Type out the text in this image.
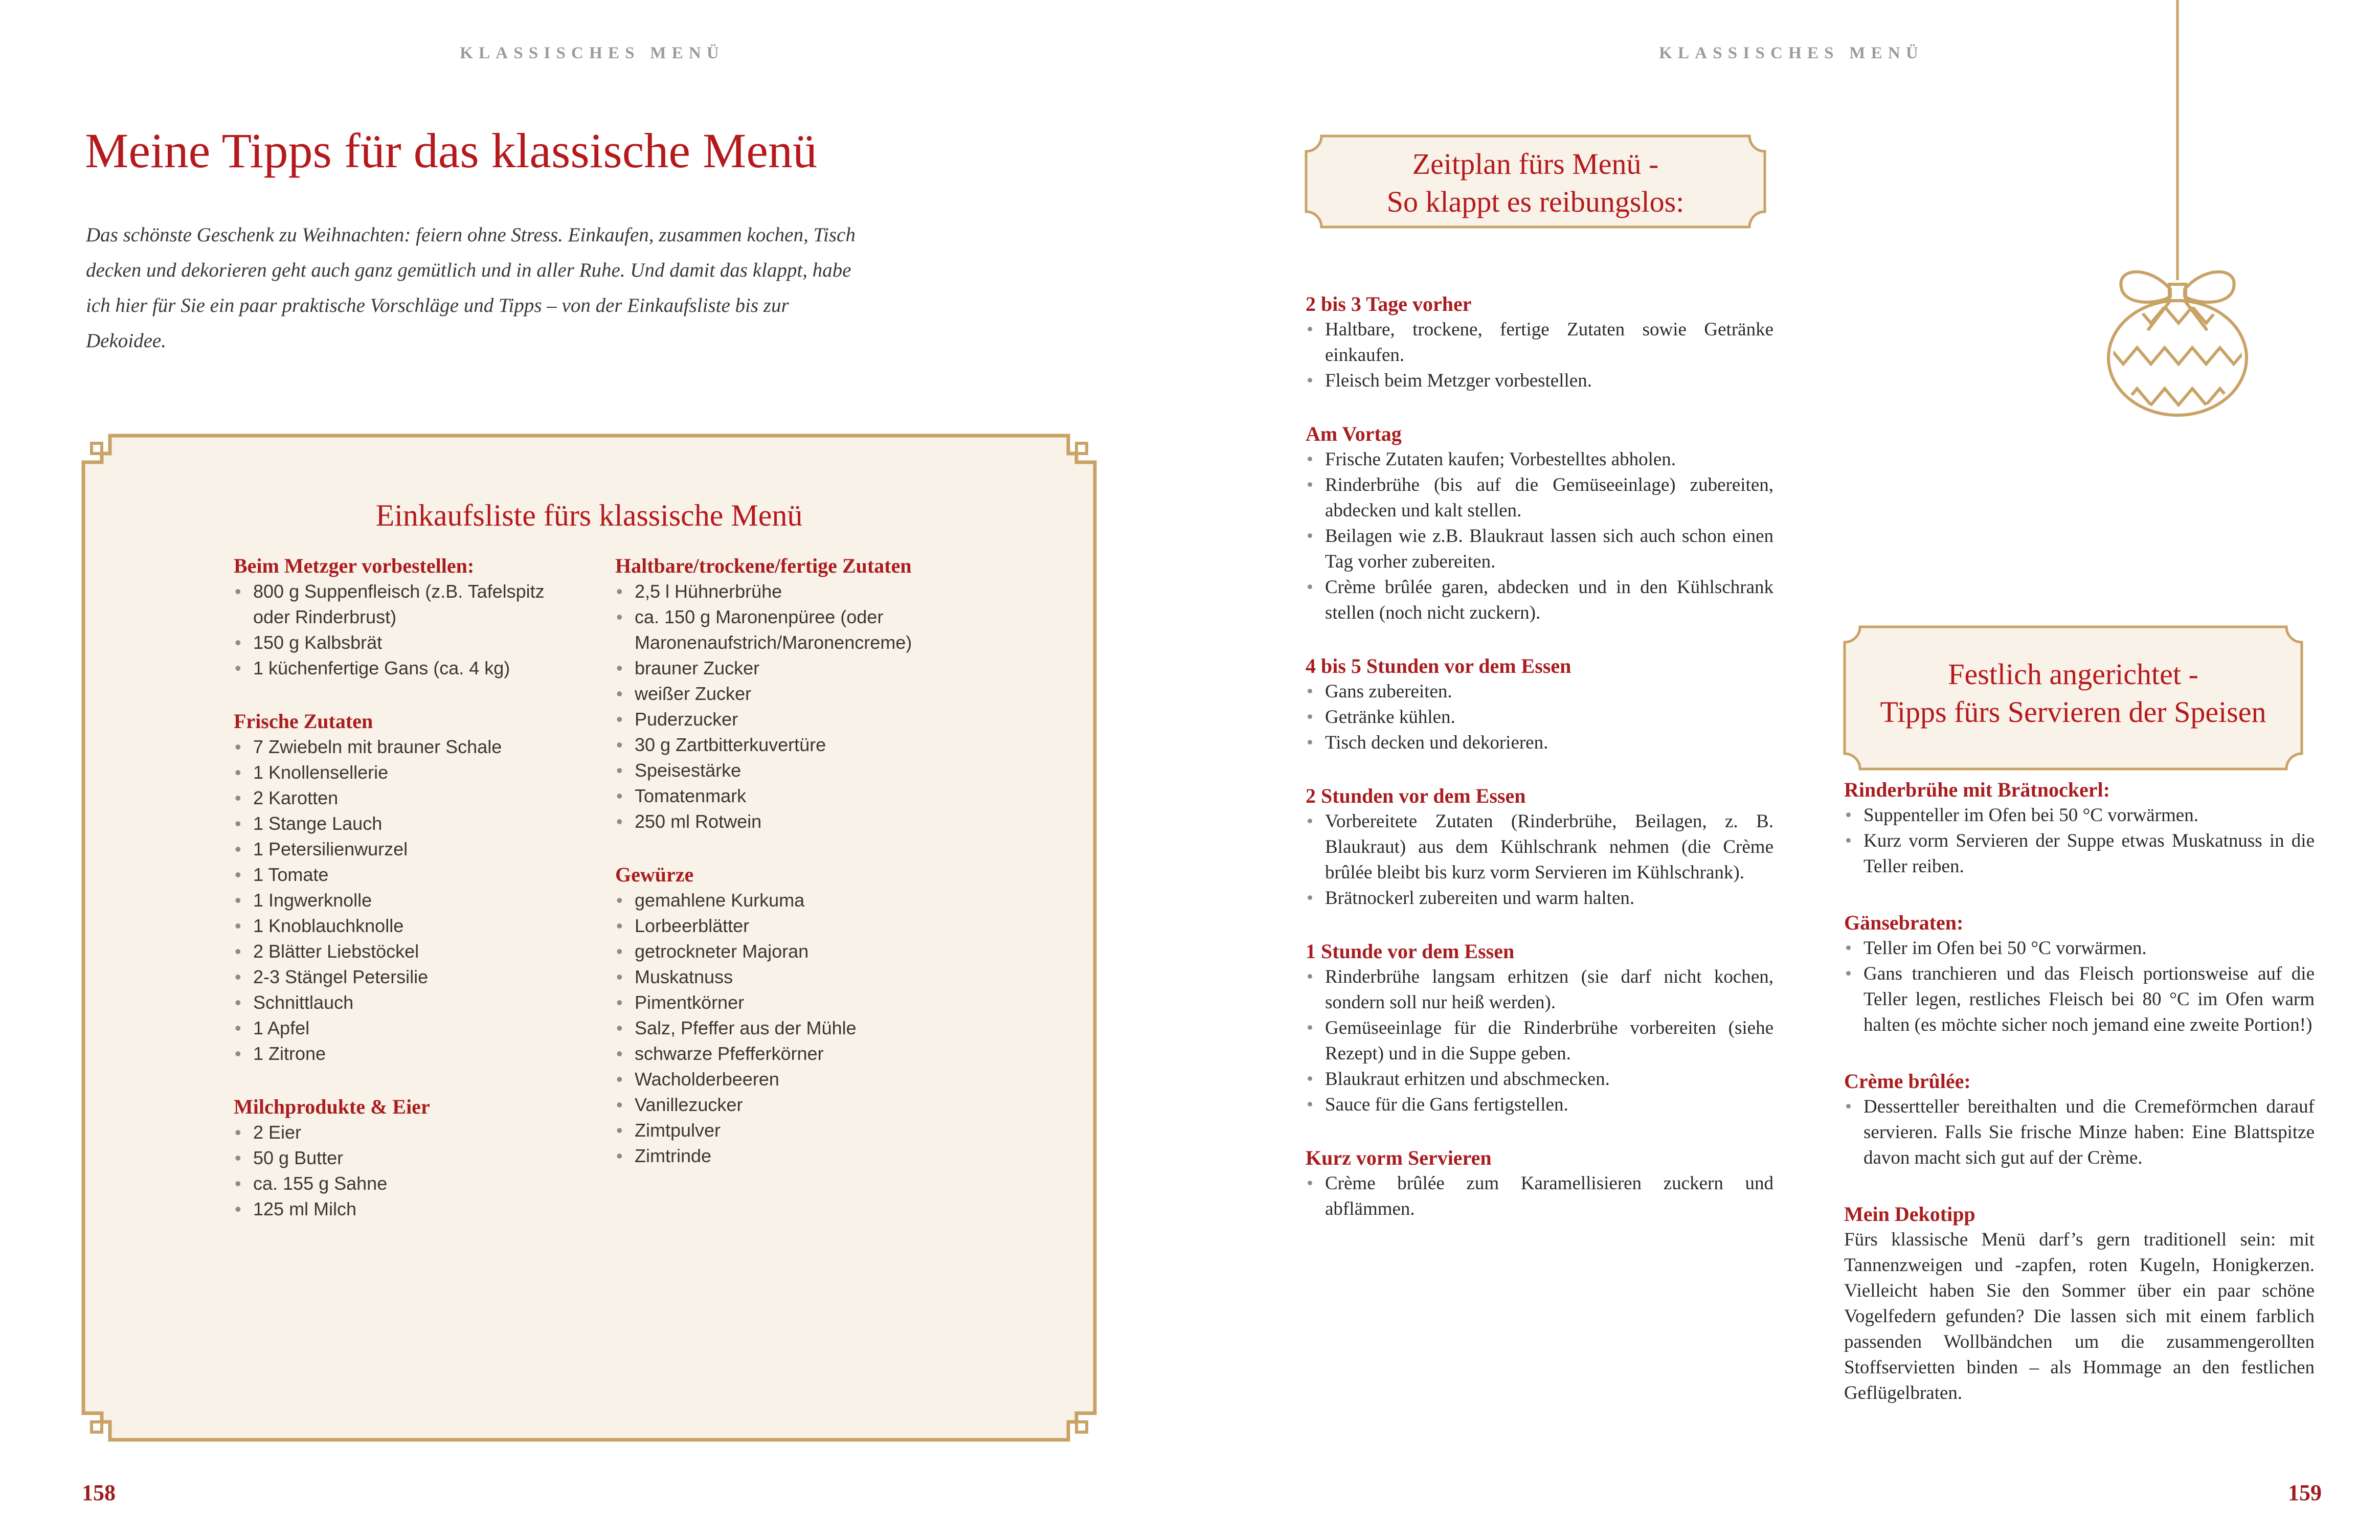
KLASSISCHES MENÜ
Meine Tipps für das klassische Menü

Das schönste Geschenk zu Weihnachten: feiern ohne Stress. Einkaufen, zusammen kochen, Tisch decken und dekorieren geht auch ganz gemütlich und in aller Ruhe. Und damit das klappt, habe ich hier für Sie ein paar praktische Vorschläge und Tipps – von der Einkaufsliste bis zur Dekoidee.

Einkaufsliste fürs klassische Menü
Beim Metzger vorbestellen:
• 800 g Suppenfleisch (z.B. Tafelspitz oder Rinderbrust)
• 150 g Kalbsbrät
• 1 küchenfertige Gans (ca. 4 kg)
Frische Zutaten
• 7 Zwiebeln mit brauner Schale
• 1 Knollensellerie
• 2 Karotten
• 1 Stange Lauch
• 1 Petersilienwurzel
• 1 Tomate
• 1 Ingwerknolle
• 1 Knoblauchknolle
• 2 Blätter Liebstöckel
• 2-3 Stängel Petersilie
• Schnittlauch
• 1 Apfel
• 1 Zitrone
Milchprodukte & Eier
• 2 Eier
• 50 g Butter
• ca. 155 g Sahne
• 125 ml Milch
Haltbare/trockene/fertige Zutaten
• 2,5 l Hühnerbrühe
• ca. 150 g Maronenpüree (oder Maronenaufstrich/Maronencreme)
• brauner Zucker
• weißer Zucker
• Puderzucker
• 30 g Zartbitterkuvertüre
• Speisestärke
• Tomatenmark
• 250 ml Rotwein
Gewürze
• gemahlene Kurkuma
• Lorbeerblätter
• getrockneter Majoran
• Muskatnuss
• Pimentkörner
• Salz, Pfeffer aus der Mühle
• schwarze Pfefferkörner
• Wacholderbeeren
• Vanillezucker
• Zimtpulver
• Zimtrinde
158
KLASSISCHES MENÜ
Zeitplan fürs Menü -
So klappt es reibungslos:
2 bis 3 Tage vorher
• Haltbare, trockene, fertige Zutaten sowie Getränke einkaufen.
• Fleisch beim Metzger vorbestellen.
Am Vortag
• Frische Zutaten kaufen; Vorbestelltes abholen.
• Rinderbrühe (bis auf die Gemüseeinlage) zubereiten, abdecken und kalt stellen.
• Beilagen wie z.B. Blaukraut lassen sich auch schon einen Tag vorher zubereiten.
• Crème brûlée garen, abdecken und in den Kühlschrank stellen (noch nicht zuckern).
4 bis 5 Stunden vor dem Essen
• Gans zubereiten.
• Getränke kühlen.
• Tisch decken und dekorieren.
2 Stunden vor dem Essen
• Vorbereitete Zutaten (Rinderbrühe, Beilagen, z. B. Blaukraut) aus dem Kühlschrank nehmen (die Crème brûlée bleibt bis kurz vorm Servieren im Kühlschrank).
• Brätnockerl zubereiten und warm halten.
1 Stunde vor dem Essen
• Rinderbrühe langsam erhitzen (sie darf nicht kochen, sondern soll nur heiß werden).
• Gemüseeinlage für die Rinderbrühe vorbereiten (siehe Rezept) und in die Suppe geben.
• Blaukraut erhitzen und abschmecken.
• Sauce für die Gans fertigstellen.
Kurz vorm Servieren
• Crème brûlée zum Karamellisieren zuckern und abflämmen.
Festlich angerichtet -
Tipps fürs Servieren der Speisen
Rinderbrühe mit Brätnockerl:
• Suppenteller im Ofen bei 50 °C vorwärmen.
• Kurz vorm Servieren der Suppe etwas Muskatnuss in die Teller reiben.
Gänsebraten:
• Teller im Ofen bei 50 °C vorwärmen.
• Gans tranchieren und das Fleisch portionsweise auf die Teller legen, restliches Fleisch bei 80 °C im Ofen warm halten (es möchte sicher noch jemand eine zweite Portion!)
Crème brûlée:
• Dessertteller bereithalten und die Cremeförmchen darauf servieren. Falls Sie frische Minze haben: Eine Blattspitze davon macht sich gut auf der Crème.
Mein Dekotipp

Fürs klassische Menü darf’s gern traditionell sein: mit Tannenzweigen und -zapfen, roten Kugeln, Honigkerzen. Vielleicht haben Sie den Sommer über ein paar schöne Vogelfedern gefunden? Die lassen sich mit einem farblich passenden Wollbändchen um die zusammengerollten Stoffservietten binden – als Hommage an den festlichen Geflügelbraten.

159
